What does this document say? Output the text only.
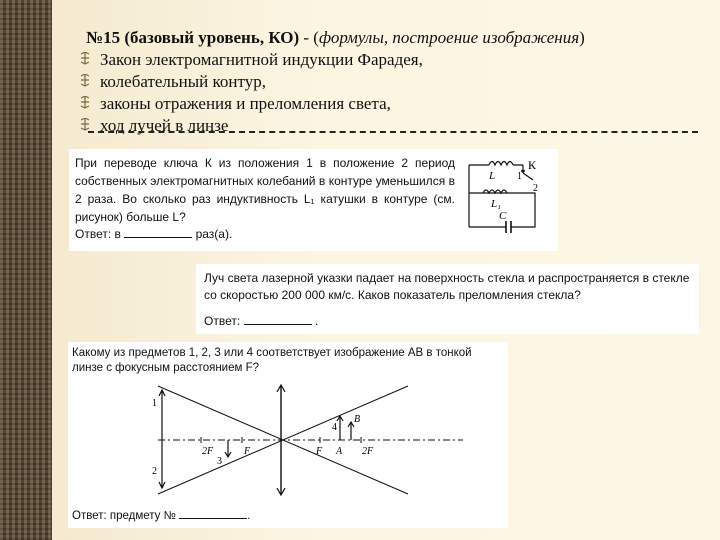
№15 (базовый уровень, КО) - (формулы, построение изображения)
Закон электромагнитной индукции Фарадея,
колебательный контур,
законы отражения и преломления света,
ход лучей в линзе
При переводе ключа К из положения 1 в положение 2 период собственных электромагнитных колебаний в контуре уменьшился в 2 раза. Во сколько раз индуктивность L₁ катушки в контуре (см. рисунок) больше L?
Ответ: в	раз(а).
L 1
К
2
L₁
C
Луч света лазерной указки падает на поверхность стекла и распространяется в стекле со скоростью 200 000 км/с. Каков показатель преломления стекла?
Ответ:	.
Какому из предметов 1, 2, 3 или 4 соответствует изображение AB в тонкой линзе с фокусным расстоянием F?
1
2
3
4
2F	F	F A
B
2F
Ответ: предмету №	.
